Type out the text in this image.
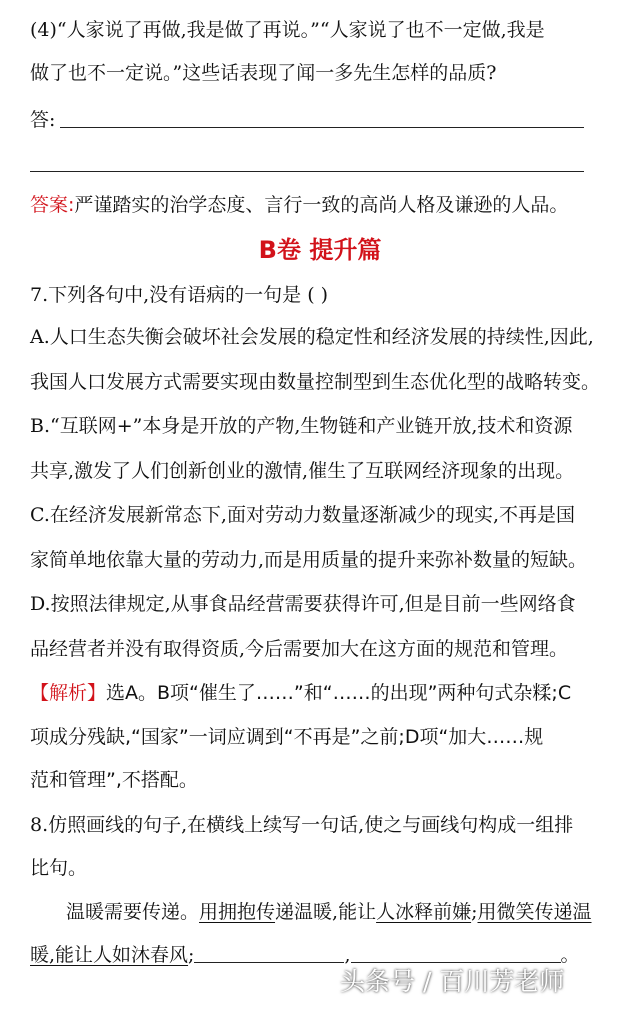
(4)“人家说了再做,我是做了再说。”“人家说了也不一定做,我是
做了也不一定说。”这些话表现了闻一多先生怎样的品质?
答:
答案:严谨踏实的治学态度、言行一致的高尚人格及谦逊的人品。
B卷 提升篇
7.下列各句中,没有语病的一句是 ( )
A.人口生态失衡会破坏社会发展的稳定性和经济发展的持续性,因此,
我国人口发展方式需要实现由数量控制型到生态优化型的战略转变。
B.“互联网+”本身是开放的产物,生物链和产业链开放,技术和资源
共享,激发了人们创新创业的激情,催生了互联网经济现象的出现。
C.在经济发展新常态下,面对劳动力数量逐渐减少的现实,不再是国
家简单地依靠大量的劳动力,而是用质量的提升来弥补数量的短缺。
D.按照法律规定,从事食品经营需要获得许可,但是目前一些网络食
品经营者并没有取得资质,今后需要加大在这方面的规范和管理。
【解析】选A。B项“催生了……”和“……的出现”两种句式杂糅;C
项成分残缺,“国家”一词应调到“不再是”之前;D项“加大……规
范和管理”,不搭配。
8.仿照画线的句子,在横线上续写一句话,使之与画线句构成一组排
比句。
温暖需要传递。用拥抱传递温暖,能让人冰释前嫌;用微笑传递温
暖,能让人如沐春风;	,	。
头条号 / 百川芳老师
